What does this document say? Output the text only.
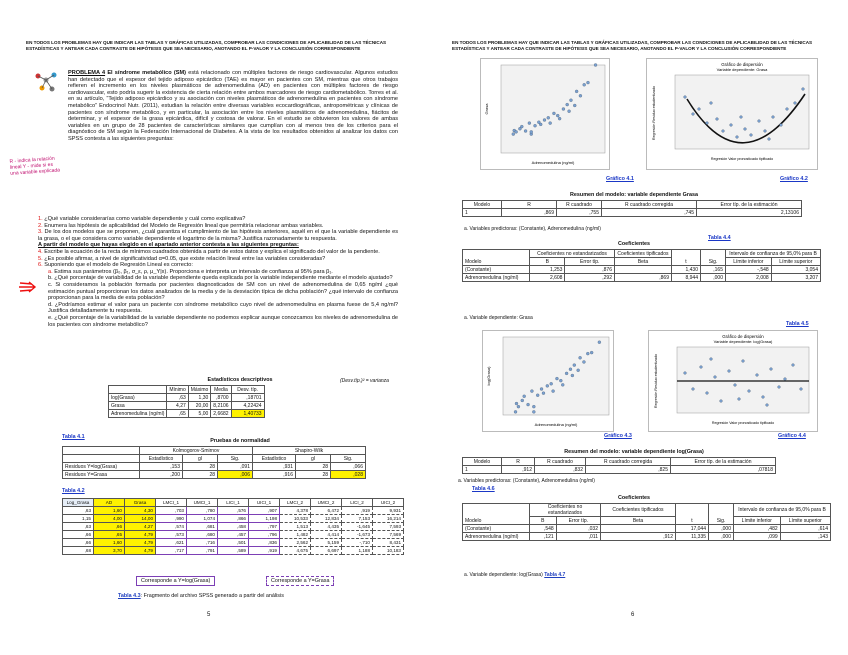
EN TODOS LOS PROBLEMAS HAY QUE INDICAR LAS TABLAS Y GRÁFICAS UTILIZADAS, COMPROBAR LAS CONDICIONES DE APLICABILIDAD DE LAS TÉCNICAS ESTADÍSTICAS Y ANTEAR CADA CONTRASTE DE HIPÓTESIS QUE SEA NECESARIO, ANOTANDO EL P-VALOR Y LA CONCLUSIÓN CORRESPONDIENTE
PROBLEMA 4 El síndrome metabólico (SM) está relacionado con múltiples factores de riesgo cardiovascular. Algunos estudios han detectado que el espesor del tejido adiposo epicárdico (TAE) es mayor en pacientes con SM, mientras que otros trabajos refieren el incremento en los niveles plasmáticos de adrenomedulina (AD) en pacientes con múltiples factores de riesgo cardiovascular, esto podría sugerir la existencia de cierta relación entre ambos marcadores de riesgo cardiometabólico. Torres et al. en su artículo, “Tejido adiposo epicárdico y su asociación con niveles plasmáticos de adrenomedulina en pacientes con síndrome metabólico” Endocrinol Nutr. (2011), estudian la relación entre diversas variables ecocardiográficas, antropométricas y clínicas de pacientes con síndrome metabólico, y en particular, la asociación entre los niveles plasmáticos de adrenomedulina, fiácitos de determinar, y el espesor de la grasa epicárdica, difícil y costosa de valorar. En el estudio se obtuvieron los valores de ambas variables en un grupo de 28 pacientes de características similares que cumplían con al menos tres de los criterios para el diagnóstico de SM según la Federación Internacional de Diabetes. A la vista de los resultados obtenidos al analizar los datos con SPSS contesta a las siguientes preguntas:
R - indica la relación lineal Y - mide si es una variable explicada
1. ¿Qué variable considerarías como variable dependiente y cuál como explicativa?
2. Enumera las hipótesis de aplicabilidad del Modelo de Regresión lineal que permitiría relacionar ambas variables.
3. De los dos modelos que se proponen, ¿cuál garantiza el cumplimiento de las hipótesis anteriores, aquél en el que la variable dependiente es la grasa, o el que considera como variable dependiente el logaritmo de la misma? Justifica razonadamente tu respuesta.
A partir del modelo que hayas elegido en el apartado anterior contesta a las siguientes preguntas:
4. Escribe la ecuación de la recta de mínimos cuadrados obtenida a partir de estos datos y explica el significado del valor de la pendiente.
5. ¿Es posible afirmar, a nivel de significatividad α=0.05, que existe relación lineal entre las variables consideradas?
6. Suponiendo que el modelo de Regresión Lineal es correcto:
a. Estima sus parámetros (β₀, β₁, σ_ε, ρ, μ_Y|x). Proporciona e interpreta un intervalo de confianza al 95% para β₁.
b. ¿Qué porcentaje de variabilidad de la variable dependiente queda explicada por la variable independiente mediante el modelo ajustado?
c. Si consideramos la población formada por pacientes diagnosticados de SM con un nivel de adrenomedulina de 0,65 ng/ml ¿qué estimación puntual proporcionan los datos analizados de la media y de la desviación típica de dicha población? ¿qué intervalo de confianza proporcionan para la media de esta población?
d. ¿Podríamos estimar el valor para un paciente con síndrome metabólico cuyo nivel de adrenomedulina en plasma fuese de 5,4 ng/ml? Justifica detalladamente tu respuesta.
e. ¿Qué porcentaje de la variabilidad de la variable dependiente no podemos explicar aunque conozcamos los niveles de adrenomedulina de los pacientes con síndrome metabólico?
Estadísticos descriptivos
	Mínimo	Máximo	Media	Desv. típ.
log(Grasa)	,63	1,30	,8700	,18701
Grasa	4,27	20,00	8,2106	4,22424
Adrenomedulina (ng/ml)	,65	5,00	2,6682	1,40733
(Desv.típ.)² = varianza
Tabla 4.1
Pruebas de normalidad
	Kolmogorov-Smirnov			Shapiro-Wilk		
	Estadístico	gl	Sig.	Estadístico	gl	Sig.
Residuos Y=log(Grasa)	,153	28	,091	,931	28	,066
Residuos Y=Grasa	,200	28	,006	,916	28	,028
Tabla 4.2
Log_Grasa	AD	Grasa	LMCI_1	UMCI_1	LICI_1	UICI_1	LMCI_2	UMCI_2	LICI_2	UICI_2
,63	1,60	4,30	,703	,780	,576	,907	4,378	6,472	,919	9,931
1,15	4,00	14,00	,990	1,074	,866	1,198	10,533	12,834	7,153	16,214
,63	,66	4,27	,574	,681	,458	,797	1,513	4,435	-1,645	7,593
,66	,65	4,79	,573	,680	,457	,796	1,482	4,414	-1,673	7,569
,66	1,60	4,79	,621	,716	,501	,836	2,562	5,159	-,710	8,431
,68	3,70	4,79	,717	,791	,589	,919	4,675	6,697	1,188	10,183
Corresponde a Y=log(Grasa)	Corresponde a Y=Grasa
Tabla 4.3: Fragmento del archivo SPSS generado a partir del análisis
5
EN TODOS LOS PROBLEMAS HAY QUE INDICAR LAS TABLAS Y GRÁFICAS UTILIZADAS, COMPROBAR LAS CONDICIONES DE APLICABILIDAD DE LAS TÉCNICAS ESTADÍSTICAS Y ANTEAR CADA CONTRASTE DE HIPÓTESIS QUE SEA NECESARIO, ANOTANDO EL P-VALOR Y LA CONCLUSIÓN CORRESPONDIENTE
Grasa
Adrenomedulina (ng/ml)
Gráfico de dispersión
Variable dependiente: Grasa
Regresión Residuo estudentizado
Regresión Valor pronosticado tipificado
Gráfico 4.1	Gráfico 4.2
Resumen del modelo: variable dependiente Grasa
Modelo	R	R cuadrado	R cuadrado corregida	Error típ. de la estimación
1	,869	,755	,745	2,13106
a. Variables predictoras: (Constante), Adrenomedulina (ng/ml)
Tabla 4.4
Coeficientes
Modelo	Coeficientes no estandarizados		Coeficientes tipificados	t	Sig.	Intervalo de confianza de 95,0% para B	
	B	Error típ.	Beta			Límite inferior	Límite superior
(Constante)	1,253	,876		1,430	,165	-,548	3,054
Adrenomedulina (ng/ml)	2,608	,292	,869	8,944	,000	2,008	3,207
a. Variable dependiente: Grasa
Tabla 4.5
log(Grasa)
Adrenomedulina (ng/ml)
Gráfico de dispersión
Variable dependiente: log(Grasa)
Regresión Residuo estudentizado
Regresión Valor pronosticado tipificado
Gráfico 4.3	Gráfico 4.4
Resumen del modelo: variable dependiente log(Grasa)
Modelo	R	R cuadrado	R cuadrado corregida	Error típ. de la estimación
1	,912	,832	,825	,07818
a. Variables predictoras: (Constante), Adrenomedulina (ng/ml)
Tabla 4.6
Coeficientes
Modelo	Coeficientes no estandarizados		Coeficientes tipificados	t	Sig.	Intervalo de confianza de 95,0% para B	
	B	Error típ.	Beta			Límite inferior	Límite superior
(Constante)	,548	,032		17,044	,000	,482	,614
Adrenomedulina (ng/ml)	,121	,011	,912	11,335	,000	,099	,143
a. Variable dependiente: log(Grasa) Tabla 4.7
6
